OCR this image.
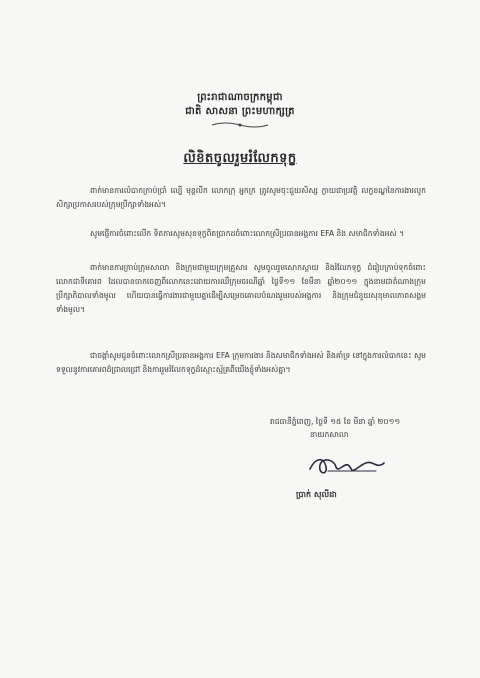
ព្រះរាជាណាចក្រកម្ពុជា
ជាតិ សាសនា ព្រះមហាក្សត្រ
លិខិតចូលរួមរំលែកទុក្ខ
ពាក់មានការលំបាកក្រាប់ប្រាំ ល្បើ មុន្តលីក លោកក្រុ អ្នកក្រ ត្រូវសូមចុះជួយសិស្ស ក្លាយជាប្រវត្តិ លក្ខខណ្ឌនៃការងារលូកសិក្សាប្រកាសរបស់ក្រុមប្រឹក្សាទាំងអស់។
សូមផ្ញើការចំពោះលើក ទិតការសូមសុខទុក្ខពិតប្រាកដចំពោះលោកស្រីប្រធានអង្គការ EFA និង សមាជិកទាំងអស់ ។
ពាក់មានការក្រាប់ក្រុមសាលា និងក្រុមជាមួយក្រុមគ្រួសារ សូមចូលរួមសោកស្តាយ និងរំលែកទុក្ខ ជំរៀបក្រាប់ទុកចំពោះលោកជាទីគោរព ដែលបានចាកចេញពីលោកនេះដោយការឈឺក្រុមចរណីឆ្នាំ ថ្ងៃទី១១ ខែមីនា ឆ្នាំ២០១១ ក្នុងនាមជាតំណាងក្រុមប្រឹក្សាភិបាលទាំងមូល ហើយបានធ្វើការងារជាមួយគ្នាដើម្បីសម្រេចគោលបំណងរួមរបស់អង្គការ និងក្រុមជំនួយសុខុមាលភាពសង្គមទាំងមូល។
ជាចង្កាំសូមជូនចំពោះលោកស្រីប្រធានអង្គការ EFA ក្រុមការងារ និងសមាជិកទាំងអស់ និងគាំទ្រ នៅក្នុងការលំបាកនេះ សូមទទួលនូវការគោរពដ៏ជ្រាលជ្រៅ និងការរួមរំលែកទុក្ខដ៏ស្មោះស្ម័គ្រពីយើងខ្ញុំទាំងអស់គ្នា។
រាជធានីភ្នំពេញ, ថ្ងៃទី ១៥ ខែ មីនា ឆ្នាំ ២០១១
នាយកសាលា
ប្រាក់ សុលីដា
